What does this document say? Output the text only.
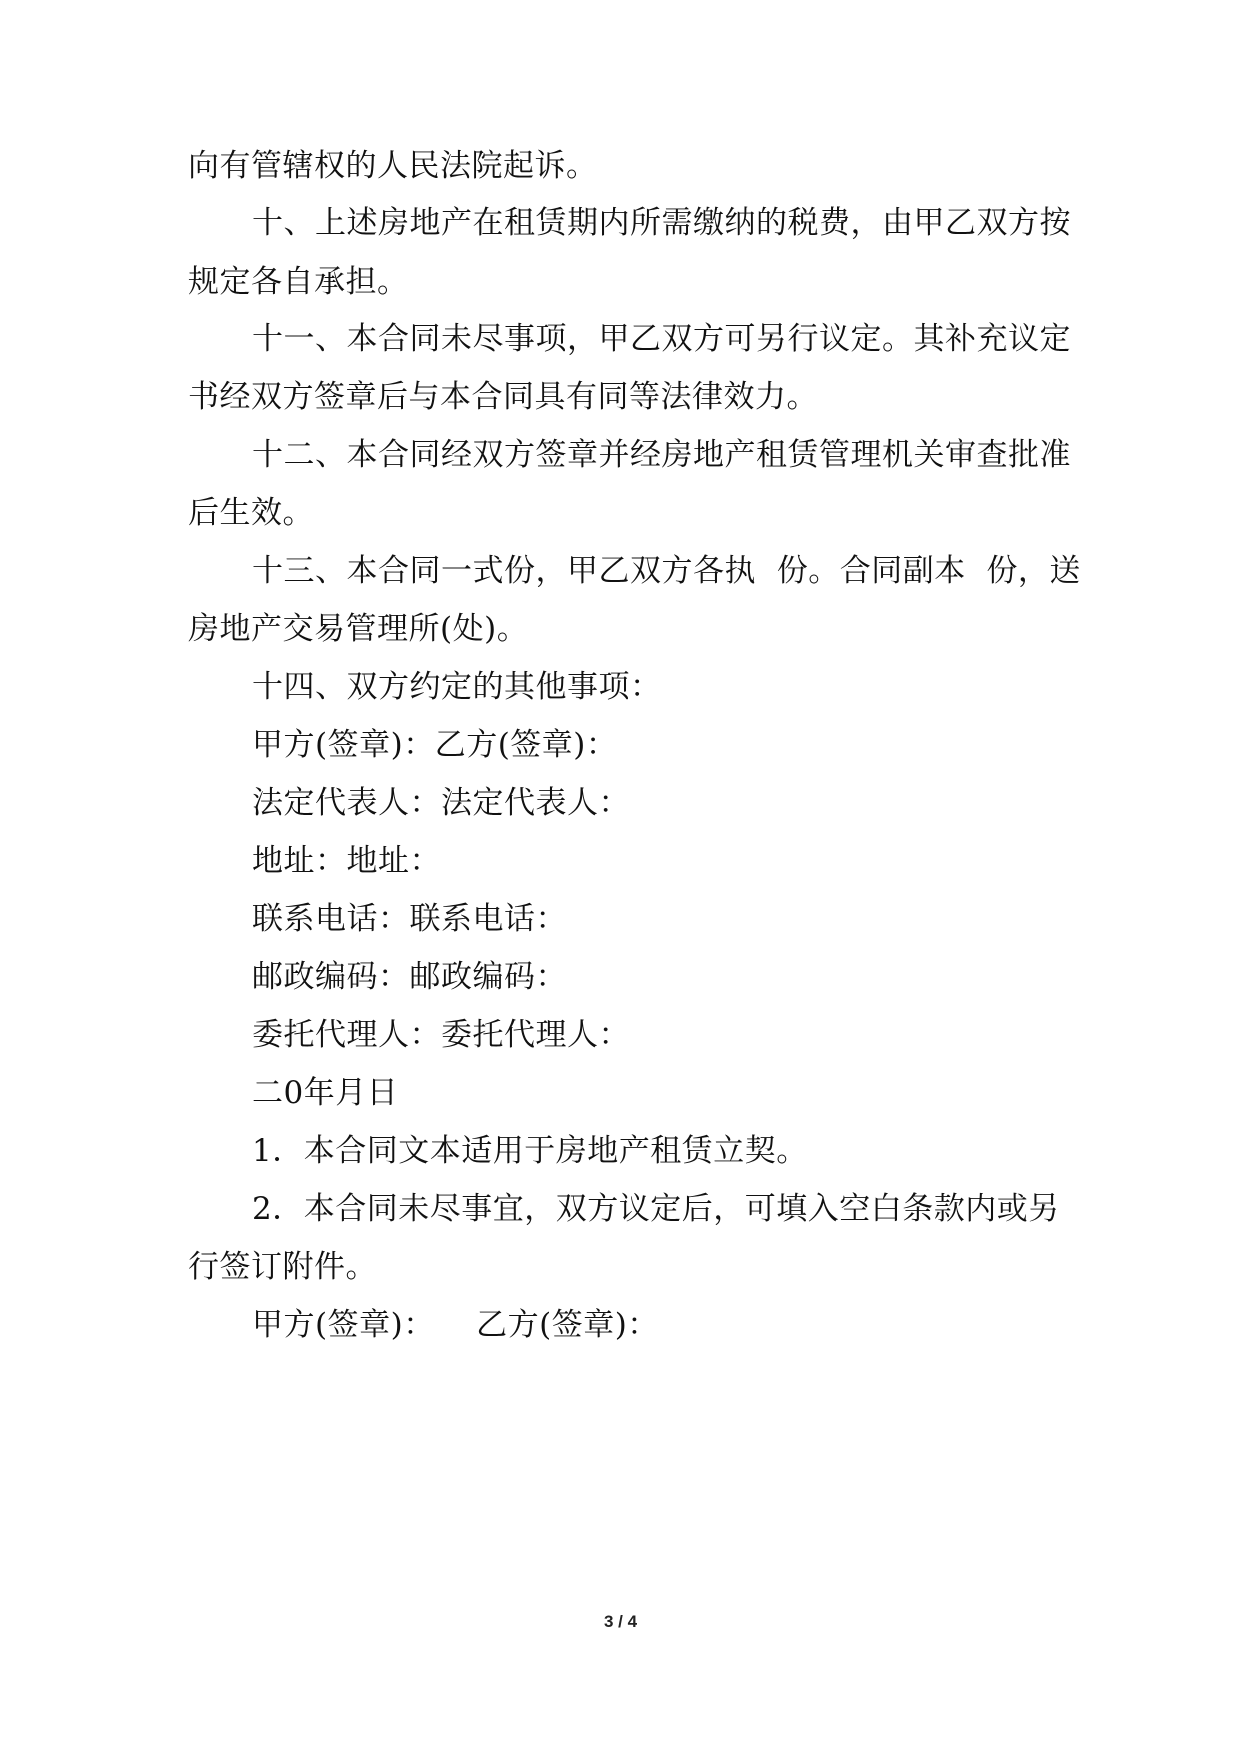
向有管辖权的人民法院起诉。
十、上述房地产在租赁期内所需缴纳的税费，由甲乙双方按
规定各自承担。
十一、本合同未尽事项，甲乙双方可另行议定。其补充议定
书经双方签章后与本合同具有同等法律效力。
十二、本合同经双方签章并经房地产租赁管理机关审查批准
后生效。
十三、本合同一式份，甲乙双方各执  份。合同副本  份，送
房地产交易管理所(处)。
十四、双方约定的其他事项：
甲方(签章)：乙方(签章)：
法定代表人：法定代表人：
地址：地址：
联系电话：联系电话：
邮政编码：邮政编码：
委托代理人：委托代理人：
二0年月日
1．本合同文本适用于房地产租赁立契。
2．本合同未尽事宜，双方议定后，可填入空白条款内或另
行签订附件。
甲方(签章)：    乙方(签章)：
3 / 4
